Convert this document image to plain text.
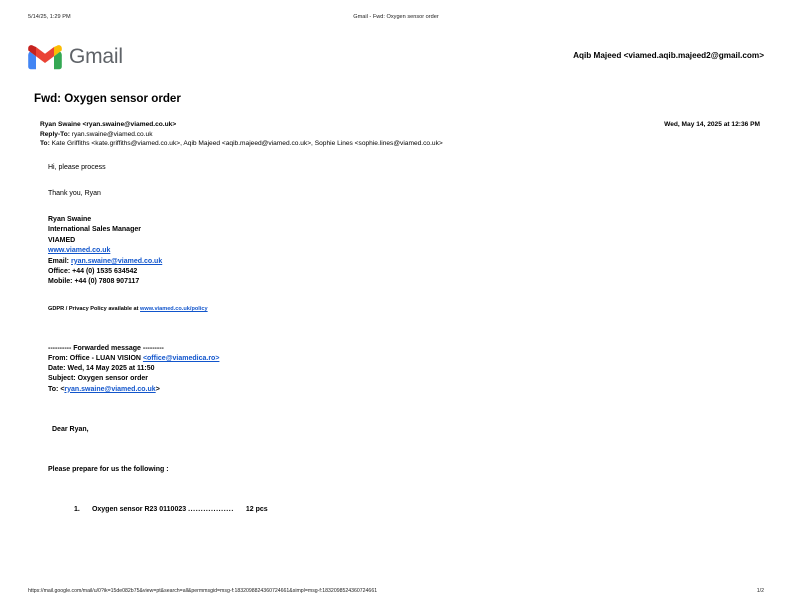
5/14/25, 1:29 PM	Gmail - Fwd: Oxygen sensor order
Gmail	Aqib Majeed <viamed.aqib.majeed2@gmail.com>
Fwd: Oxygen sensor order
Ryan Swaine <ryan.swaine@viamed.co.uk>	Wed, May 14, 2025 at 12:36 PM
Reply-To: ryan.swaine@viamed.co.uk
To: Kate Griffiths <kate.griffiths@viamed.co.uk>, Aqib Majeed <aqib.majeed@viamed.co.uk>, Sophie Lines <sophie.lines@viamed.co.uk>

Hi, please process

Thank you, Ryan

Ryan Swaine

International Sales Manager

VIAMED

www.viamed.co.uk

Email: ryan.swaine@viamed.co.uk

Office: +44 (0) 1535 634542

Mobile: +44 (0) 7808 907117

GDPR / Privacy Policy available at www.viamed.co.uk/policy

---------- Forwarded message ---------

From: Office - LUAN VISION <office@viamedica.ro>

Date: Wed, 14 May 2025 at 11:50

Subject: Oxygen sensor order

To: <ryan.swaine@viamed.co.uk>

Dear Ryan,

Please prepare for us the following :

1. Oxygen sensor R23 0110023 .................. 12 pcs

https://mail.google.com/mail/u/0?ik=15de082b75&view=pt&search=all&permmsgid=msg-f:1832098824360724661&simpl=msg-f:1832098524360724661	1/2
